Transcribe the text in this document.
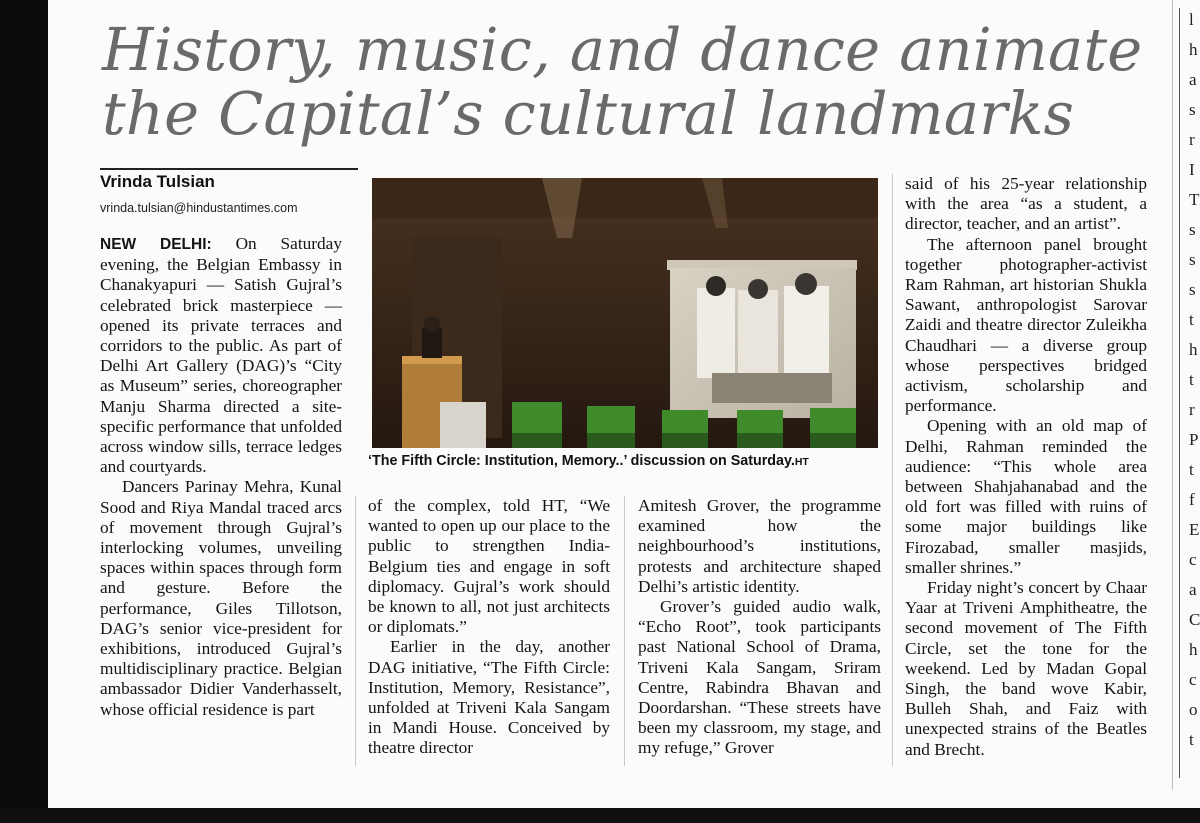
History, music, and dance animate the Capital’s cultural landmarks
Vrinda Tulsian
vrinda.tulsian@hindustantimes.com

NEW DELHI: On Saturday evening, the Belgian Embassy in Chanakyapuri — Satish Gujral’s celebrated brick masterpiece — opened its private terraces and corridors to the public. As part of Delhi Art Gallery (DAG)’s “City as Museum” series, choreographer Manju Sharma directed a site-specific performance that unfolded across window sills, terrace ledges and courtyards.

Dancers Parinay Mehra, Kunal Sood and Riya Mandal traced arcs of movement through Gujral’s interlocking volumes, unveiling spaces within spaces through form and gesture. Before the performance, Giles Tillotson, DAG’s senior vice-president for exhibitions, introduced Gujral’s multidisciplinary practice. Belgian ambassador Didier Vanderhasselt, whose official residence is part

‘The Fifth Circle: Institution, Memory..’ discussion on Saturday.HT

of the complex, told HT, “We wanted to open up our place to the public to strengthen India-Belgium ties and engage in soft diplomacy. Gujral’s work should be known to all, not just architects or diplomats.”

Earlier in the day, another DAG initiative, “The Fifth Circle: Institution, Memory, Resistance”, unfolded at Triveni Kala Sangam in Mandi House. Conceived by theatre director

Amitesh Grover, the programme examined how the neighbourhood’s institutions, protests and architecture shaped Delhi’s artistic identity.

Grover’s guided audio walk, “Echo Root”, took participants past National School of Drama, Triveni Kala Sangam, Sriram Centre, Rabindra Bhavan and Doordarshan. “These streets have been my classroom, my stage, and my refuge,” Grover

said of his 25-year relationship with the area “as a student, a director, teacher, and an artist”.

The afternoon panel brought together photographer-activist Ram Rahman, art historian Shukla Sawant, anthropologist Sarovar Zaidi and theatre director Zuleikha Chaudhari — a diverse group whose perspectives bridged activism, scholarship and performance.

Opening with an old map of Delhi, Rahman reminded the audience: “This whole area between Shahjahanabad and the old fort was filled with ruins of some major buildings like Firozabad, smaller masjids, smaller shrines.”

Friday night’s concert by Chaar Yaar at Triveni Amphitheatre, the second movement of The Fifth Circle, set the tone for the weekend. Led by Madan Gopal Singh, the band wove Kabir, Bulleh Shah, and Faiz with unexpected strains of the Beatles and Brecht.

l
h
a
s
r
I
T
s
s
s
t
h
t
r
P
t
f
E
c
a
C
h
c
o
t
